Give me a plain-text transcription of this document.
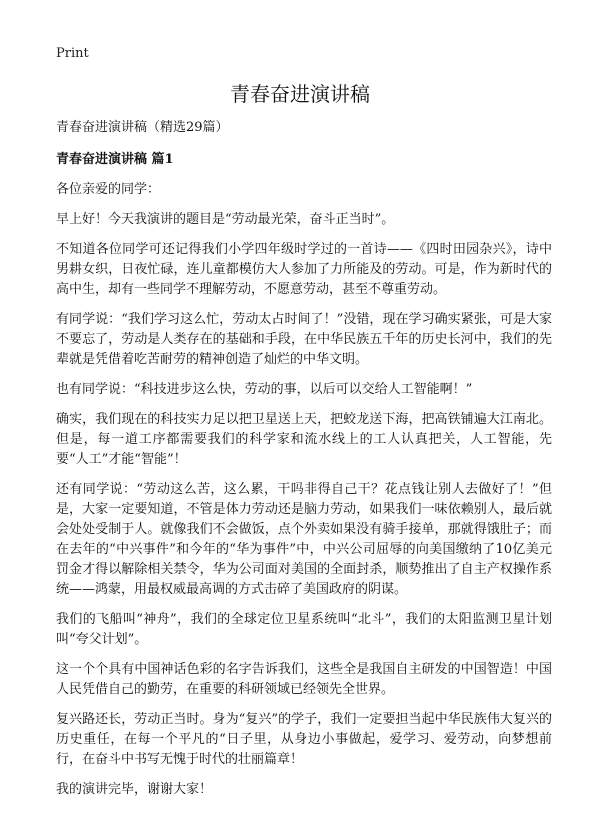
Print
青春奋进演讲稿

青春奋进演讲稿（精选29篇）

青春奋进演讲稿 篇1

各位亲爱的同学：

早上好！今天我演讲的题目是“劳动最光荣，奋斗正当时”。

不知道各位同学可还记得我们小学四年级时学过的一首诗——《四时田园杂兴》，诗中男耕女织，日夜忙碌，连儿童都模仿大人参加了力所能及的劳动。可是，作为新时代的高中生，却有一些同学不理解劳动，不愿意劳动，甚至不尊重劳动。

有同学说：“我们学习这么忙，劳动太占时间了！”没错，现在学习确实紧张，可是大家不要忘了，劳动是人类存在的基础和手段，在中华民族五千年的历史长河中，我们的先辈就是凭借着吃苦耐劳的精神创造了灿烂的中华文明。

也有同学说：“科技进步这么快，劳动的事，以后可以交给人工智能啊！”

确实，我们现在的科技实力足以把卫星送上天，把蛟龙送下海，把高铁铺遍大江南北。但是，每一道工序都需要我们的科学家和流水线上的工人认真把关，人工智能，先要“人工”才能“智能”！

还有同学说：“劳动这么苦，这么累，干吗非得自己干？花点钱让别人去做好了！”但是，大家一定要知道，不管是体力劳动还是脑力劳动，如果我们一味依赖别人，最后就会处处受制于人。就像我们不会做饭，点个外卖如果没有骑手接单，那就得饿肚子；而在去年的“中兴事件”和今年的“华为事件”中，中兴公司屈辱的向美国缴纳了10亿美元罚金才得以解除相关禁令，华为公司面对美国的全面封杀，顺势推出了自主产权操作系统——鸿蒙，用最权威最高调的方式击碎了美国政府的阴谋。

我们的飞船叫“神舟”，我们的全球定位卫星系统叫“北斗”，我们的太阳监测卫星计划叫“夸父计划”。

这一个个具有中国神话色彩的名字告诉我们，这些全是我国自主研发的中国智造！中国人民凭借自己的勤劳，在重要的科研领域已经领先全世界。

复兴路还长，劳动正当时。身为“复兴”的学子，我们一定要担当起中华民族伟大复兴的历史重任，在每一个平凡的“日子里，从身边小事做起，爱学习、爱劳动，向梦想前行，在奋斗中书写无愧于时代的壮丽篇章！

我的演讲完毕，谢谢大家！
